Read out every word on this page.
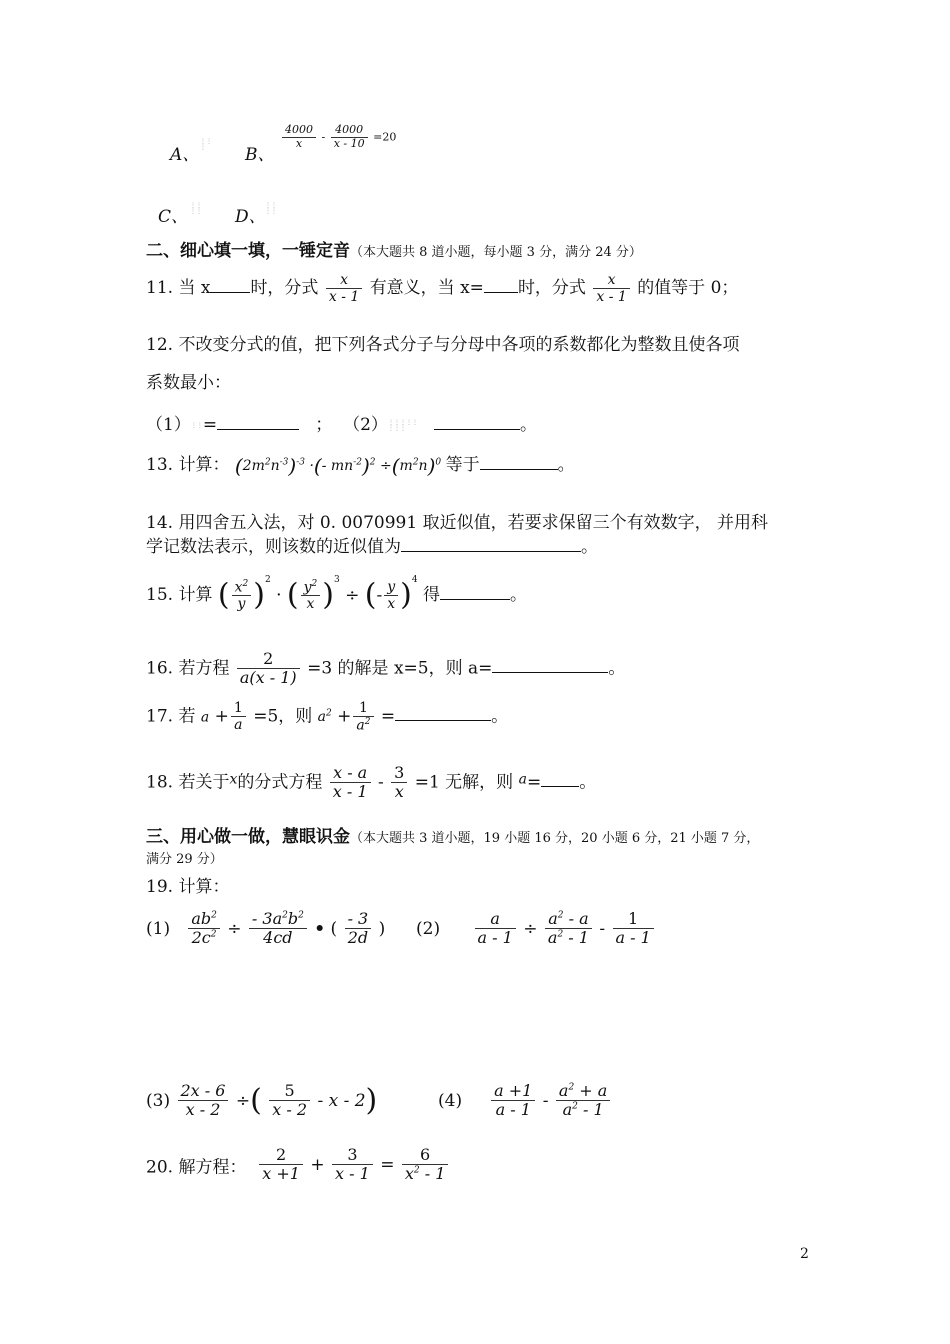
A、
⋮⋮
⋮	B、
$\frac{4000}{x} - \frac{4000}{x - 10} =20$
C、
⋮⋮
⋮⋮ D、
⋮⋮
⋮⋮
二、细心填一填，一锤定音（本大题共 8 道小题，每小题 3 分，满分 24 分）
11. 当 x 时，分式 $\frac{x}{x - 1}$ 有意义，当 x= 时，分式 $\frac{x}{x - 1}$ 的值等于 0；
12. 不改变分式的值，把下列各式分子与分母中各项的系数都化为整数且使各项
系数最小：
（1）⋮⋮=	； （2）⋮⋮⋮⋮⋮
⋮⋮⋮	。
13. 计算： $(2m^2n^{-3})^{-3}$ ·(- $mn^{-2})^2 \div(m^2n)^0$ 等于	。
14. 用四舍五入法，对 0. 0070991 取近似值，若要求保留三个有效数字， 并用科
学记数法表示，则该数的近似值为	。
15. 计算 ( $\frac{x^2}{y} )^2$ · ( $\frac{y^2}{x} )^3$ ÷ (- $\frac{y}{x} )^4$ 得	。
16. 若方程 $\frac{2}{a(x - 1)} =3$ 的解是 x=5，则 a=	。
17. 若 $a + \frac{1}{a} =5$，则 $a^2 + \frac{1}{a^2}$ =	。
18. 若关于$^x$的分式方程 $\frac{x - a}{x - 1} - \frac{3}{x} =1$ 无解，则 $^a$= 。
三、用心做一做，慧眼识金（本大题共 3 道小题，19 小题 16 分，20 小题 6 分，21 小题 7 分，
满分 29 分）
19. 计算：
$(1) \frac{ab^2}{2c^2} \div \frac{- 3a^2b^2}{4cd}$ • ( $\frac{- 3}{2d}$ ) $(2) \frac{a}{a - 1} \div \frac{a^2 - a}{a^2 - 1} - \frac{1}{a - 1}$
$(3) \frac{2x - 6}{x - 2}$ ÷( $\frac{5}{x - 2}$ - x - 2)	$(4) \frac{a +1}{a - 1} - \frac{a^2 + a}{a^2 - 1}$
20. 解方程： $\frac{2}{x +1} + \frac{3}{x - 1} = \frac{6}{x^2 - 1}$
2
